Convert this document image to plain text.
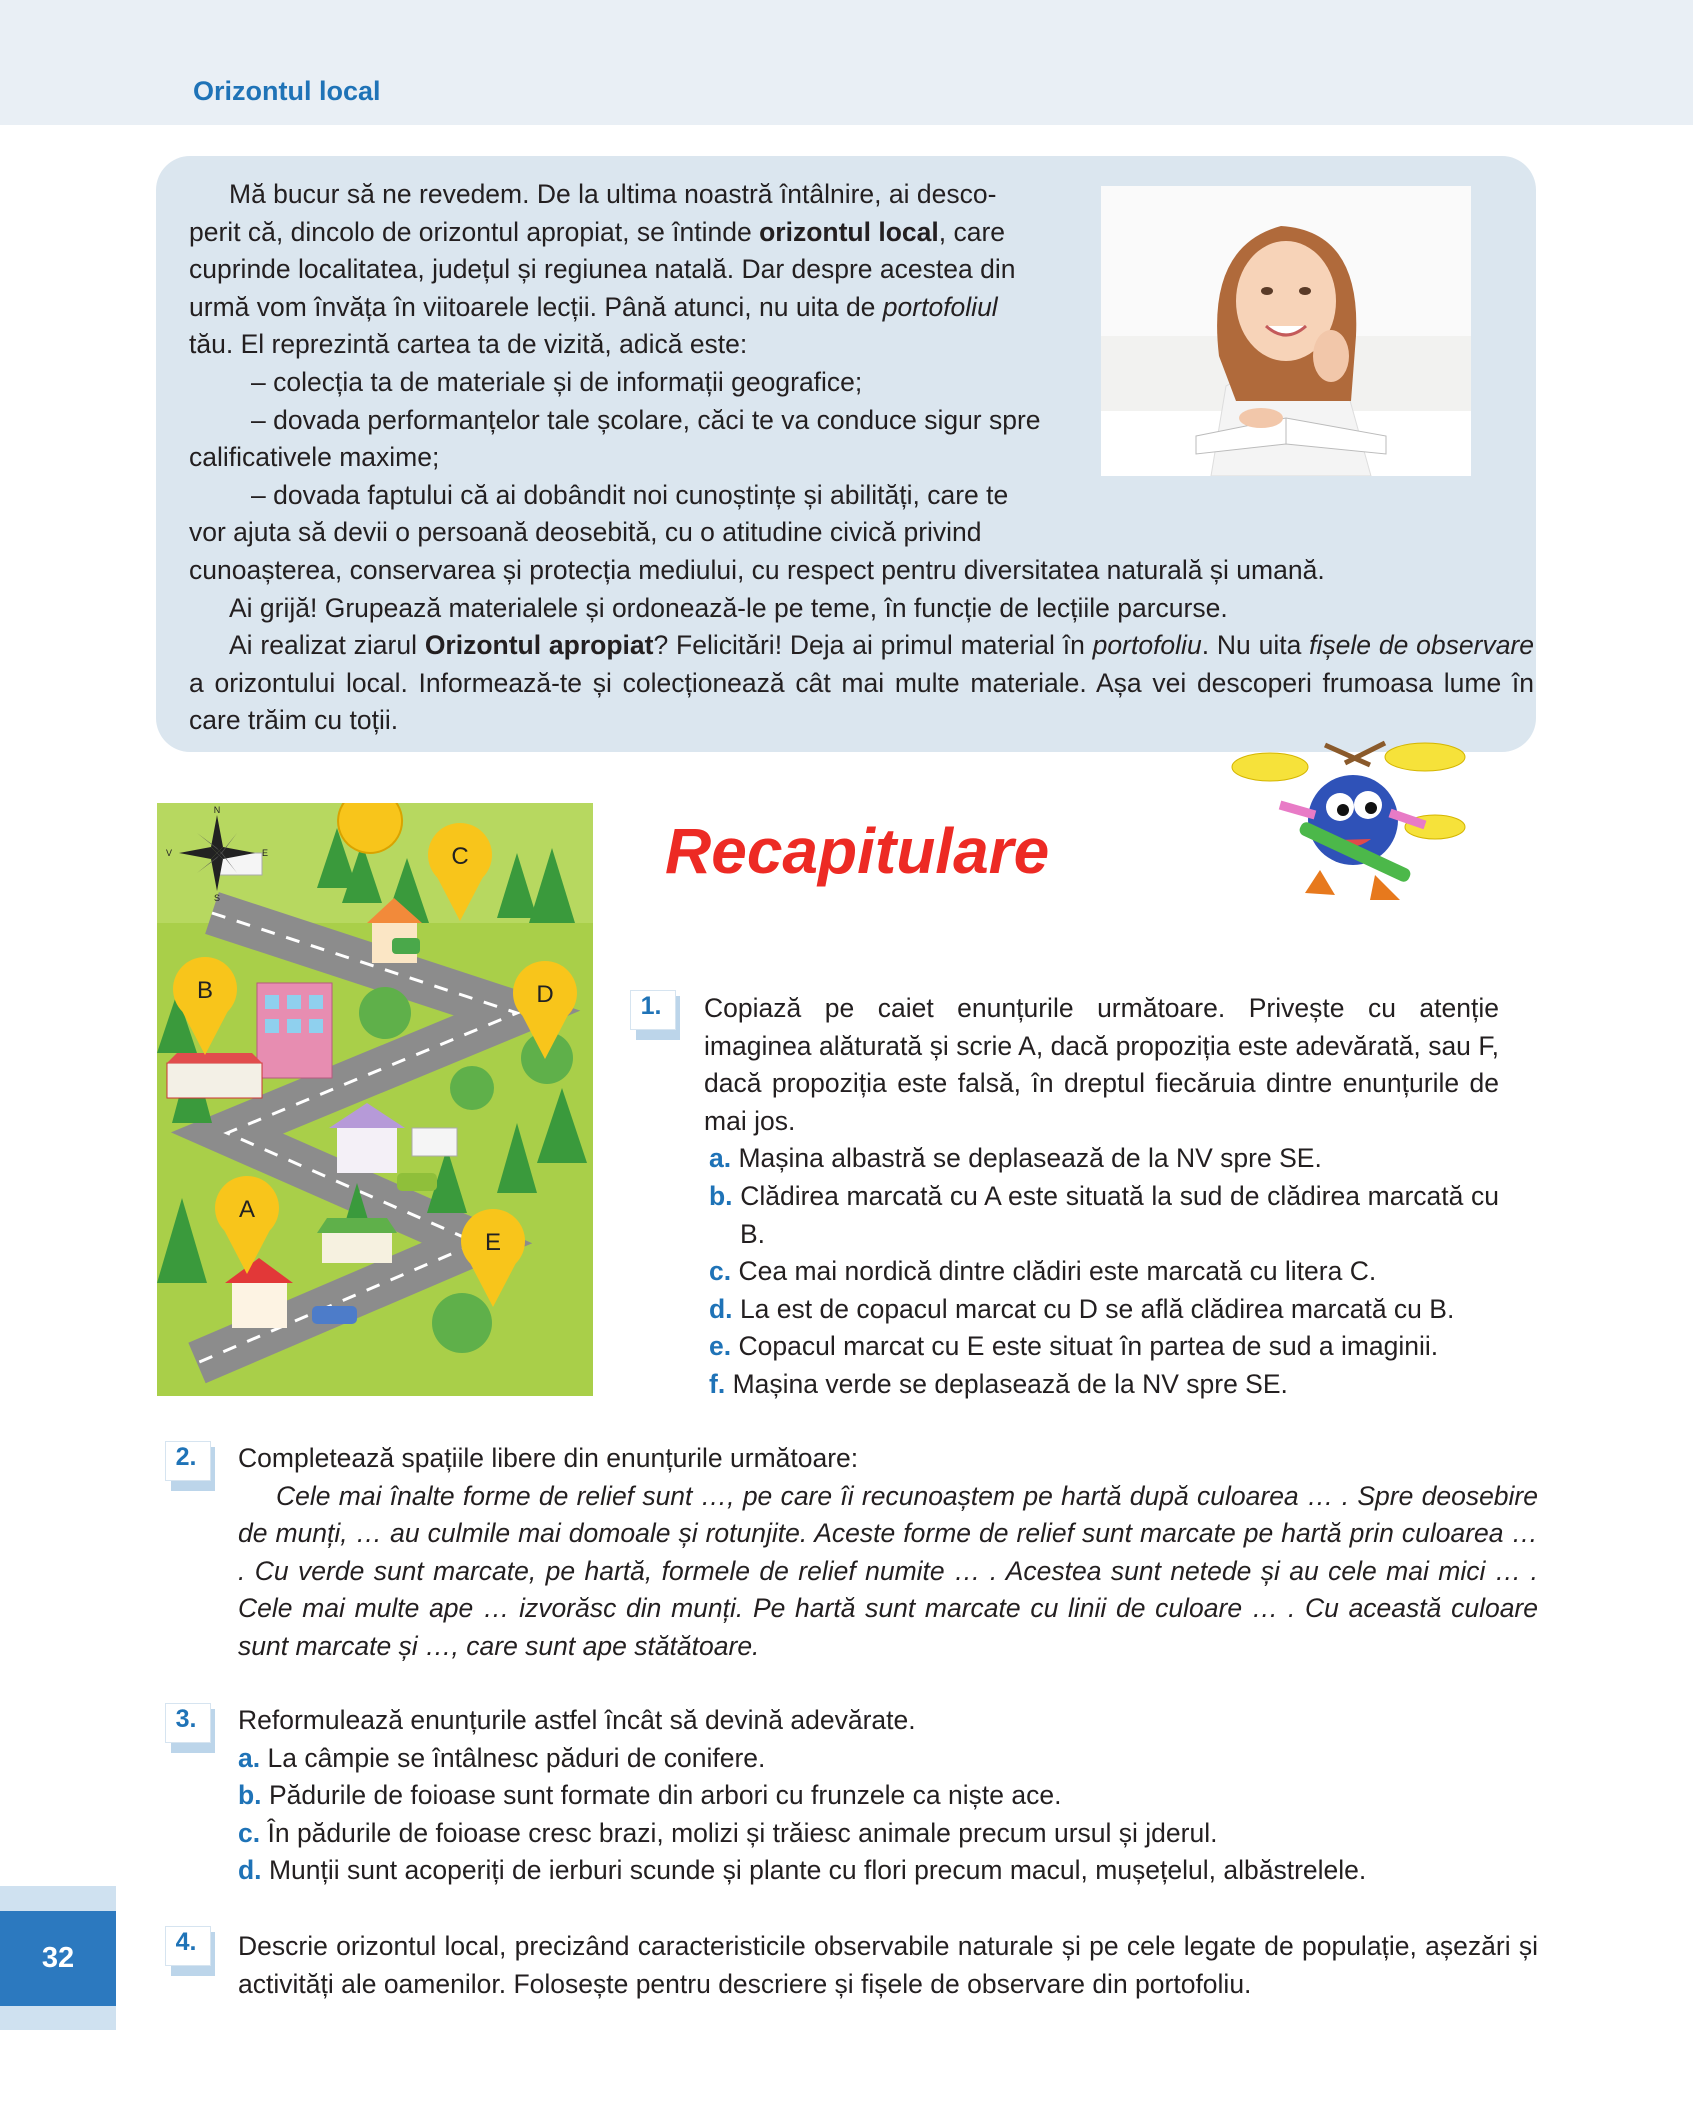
Orizontul local

Mă bucur să ne revedem. De la ultima noastră întâlnire, ai desco-

perit că, dincolo de orizontul apropiat, se întinde orizontul local, care

cuprinde localitatea, județul și regiunea natală. Dar despre acestea din

urmă vom învăța în viitoarele lecții. Până atunci, nu uita de portofoliul

tău. El reprezintă cartea ta de vizită, adică este:

– colecția ta de materiale și de informații geografice;

– dovada performanțelor tale școlare, căci te va conduce sigur spre

calificativele maxime;

– dovada faptului că ai dobândit noi cunoștințe și abilități, care te

vor ajuta să devii o persoană deosebită, cu o atitudine civică privind

cunoașterea, conservarea și protecția mediului, cu respect pentru diversitatea naturală și umană.

Ai grijă! Grupează materialele și ordonează-le pe teme, în funcție de lecțiile parcurse.

Ai realizat ziarul Orizontul apropiat? Felicitări! Deja ai primul material în portofoliu. Nu uita fișele de observare a orizontului local. Informează-te și colecționează cât mai multe materiale. Așa vei descoperi frumoasa lume în care trăim cu toții.

Recapitulare
N
S
E
V	C
B	D
A
E
1.	Copiază pe caiet enunțurile următoare. Privește cu atenție imaginea alăturată și scrie A, dacă propoziția este adevărată, sau F, dacă propoziția este falsă, în dreptul fiecăruia dintre enunțurile de mai jos.

a. Mașina albastră se deplasează de la NV spre SE.

b. Clădirea marcată cu A este situată la sud de clădirea marcată cu B.

c. Cea mai nordică dintre clădiri este marcată cu litera C.

d. La est de copacul marcat cu D se află clădirea marcată cu B.

e. Copacul marcat cu E este situat în partea de sud a imaginii.

f. Mașina verde se deplasează de la NV spre SE.

2.	Completează spațiile libere din enunțurile următoare:

Cele mai înalte forme de relief sunt …, pe care îi recunoaștem pe hartă după culoarea … . Spre deosebire de munți, … au culmile mai domoale și rotunjite. Aceste forme de relief sunt marcate pe hartă prin culoarea … . Cu verde sunt marcate, pe hartă, formele de relief numite … . Acestea sunt netede și au cele mai mici … . Cele mai multe ape … izvorăsc din munți. Pe hartă sunt marcate cu linii de culoare … . Cu această culoare sunt marcate și …, care sunt ape stătătoare.

3.	Reformulează enunțurile astfel încât să devină adevărate.

a. La câmpie se întâlnesc păduri de conifere.

b. Pădurile de foioase sunt formate din arbori cu frunzele ca niște ace.

c. În pădurile de foioase cresc brazi, molizi și trăiesc animale precum ursul și jderul.

d. Munții sunt acoperiți de ierburi scunde și plante cu flori precum macul, mușețelul, albăstrelele.

4.	Descrie orizontul local, precizând caracteristicile observabile naturale și pe cele legate de populație, așezări și activități ale oamenilor. Folosește pentru descriere și fișele de observare din portofoliu.

32
